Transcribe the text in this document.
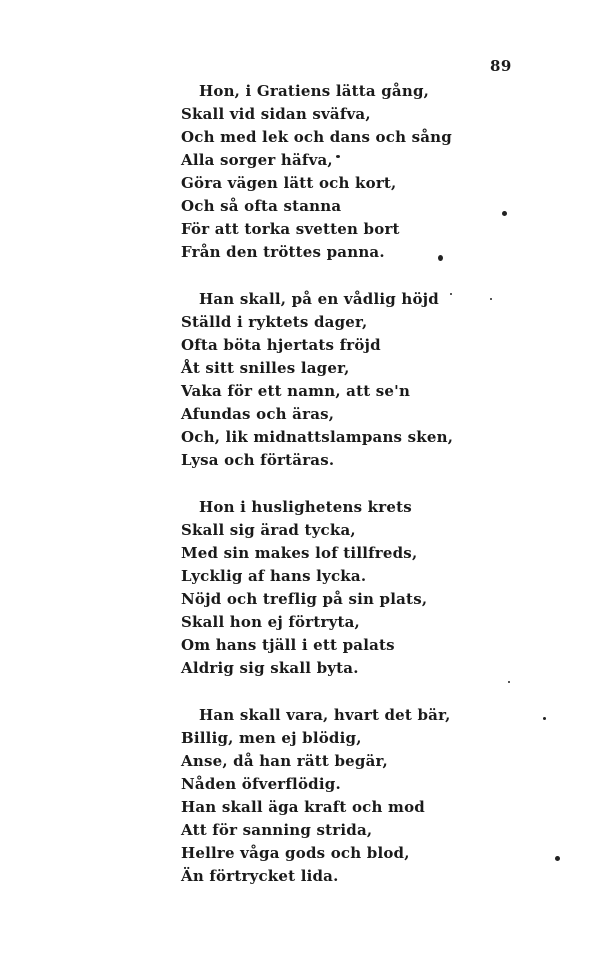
89
Hon, i Gratiens lätta gång,
Skall vid sidan sväfva,
Och med lek och dans och sång
Alla sorger häfva,
Göra vägen lätt och kort,
Och så ofta stanna
För att torka svetten bort
Från den tröttes panna.
Han skall, på en vådlig höjd
Ställd i ryktets dager,
Ofta böta hjertats fröjd
Åt sitt snilles lager,
Vaka för ett namn, att se'n
Afundas och äras,
Och, lik midnattslampans sken,
Lysa och förtäras.
Hon i huslighetens krets
Skall sig ärad tycka,
Med sin makes lof tillfreds,
Lycklig af hans lycka.
Nöjd och treflig på sin plats,
Skall hon ej förtryta,
Om hans tjäll i ett palats
Aldrig sig skall byta.
Han skall vara, hvart det bär,
Billig, men ej blödig,
Anse, då han rätt begär,
Nåden öfverflödig.
Han skall äga kraft och mod
Att för sanning strida,
Hellre våga gods och blod,
Än förtrycket lida.
